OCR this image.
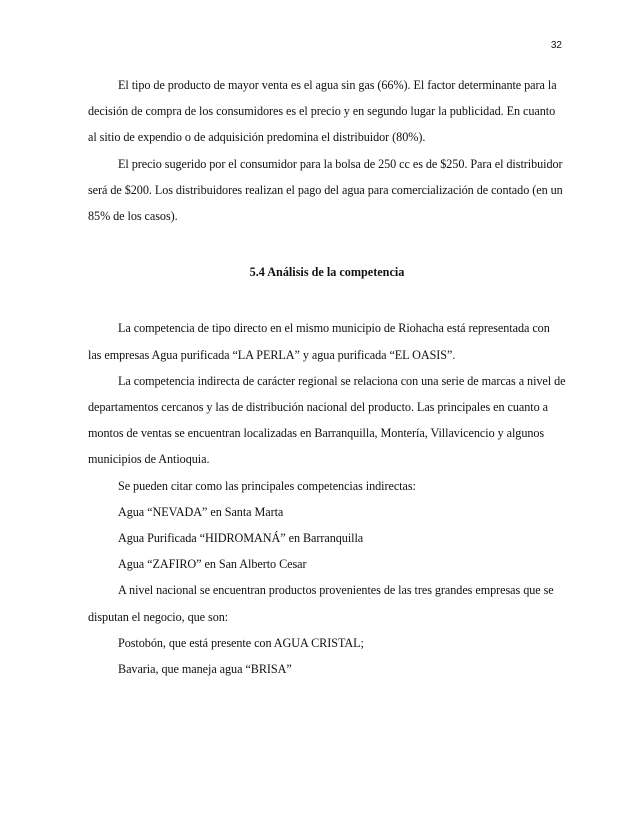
32

El tipo de producto de mayor venta es el agua sin gas (66%). El factor determinante para la decisión de compra de los consumidores es el precio y en segundo lugar la publicidad. En cuanto al sitio de expendio o de adquisición predomina el distribuidor (80%).

El precio sugerido por el consumidor para la bolsa de 250 cc es de $250. Para el distribuidor será de $200. Los distribuidores realizan el pago del agua para comercialización de contado (en un 85% de los casos).

5.4 Análisis de la competencia

La competencia de tipo directo en el mismo municipio de Riohacha está representada con las empresas Agua purificada “LA PERLA” y agua purificada “EL OASIS”.

La competencia indirecta de carácter regional se relaciona con una serie de marcas a nivel de departamentos cercanos y las de distribución nacional del producto. Las principales en cuanto a montos de ventas se encuentran localizadas en Barranquilla, Montería, Villavicencio y algunos municipios de Antioquia.

Se pueden citar como las principales competencias indirectas:

Agua “NEVADA” en Santa Marta

Agua Purificada “HIDROMANÁ” en Barranquilla

Agua “ZAFIRO” en San Alberto Cesar

A nivel nacional se encuentran productos provenientes de las tres grandes empresas que se disputan el negocio, que son:

Postobón, que está presente con AGUA CRISTAL;

Bavaria, que maneja agua “BRISA”
